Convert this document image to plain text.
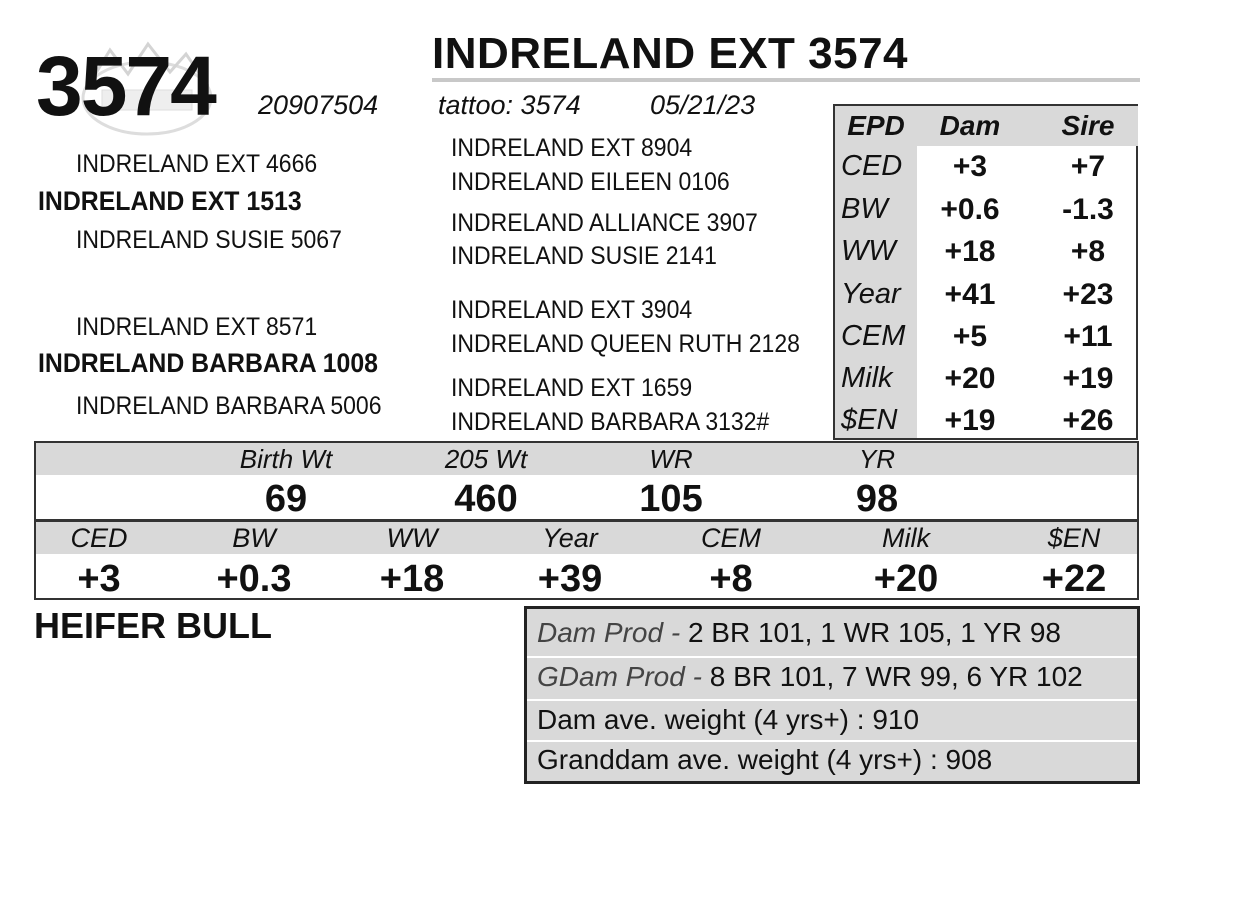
3574	INDRELAND EXT 3574
20907504 tattoo: 3574	05/21/23
INDRELAND EXT 4666
INDRELAND EXT 1513
INDRELAND SUSIE 5067
INDRELAND EXT 8571
INDRELAND BARBARA 1008
INDRELAND BARBARA 5006
INDRELAND EXT 8904
INDRELAND EILEEN 0106
INDRELAND ALLIANCE 3907
INDRELAND SUSIE 2141
INDRELAND EXT 3904
INDRELAND QUEEN RUTH 2128
INDRELAND EXT 1659
INDRELAND BARBARA 3132#
EPD	Dam	Sire
CED	+3	+7
BW	+0.6	-1.3
WW	+18	+8
Year	+41	+23
CEM	+5	+11
Milk	+20	+19
$EN	+19	+26
Birth Wt	205 Wt	WR	YR
69	460	105	98
CED	BW	WW	Year	CEM	Milk	$EN
+3	+0.3	+18	+39	+8	+20	+22
HEIFER BULL	Dam Prod - 2 BR 101, 1 WR 105, 1 YR 98
GDam Prod - 8 BR 101, 7 WR 99, 6 YR 102
Dam ave. weight (4 yrs+) : 910
Granddam ave. weight (4 yrs+) : 908
